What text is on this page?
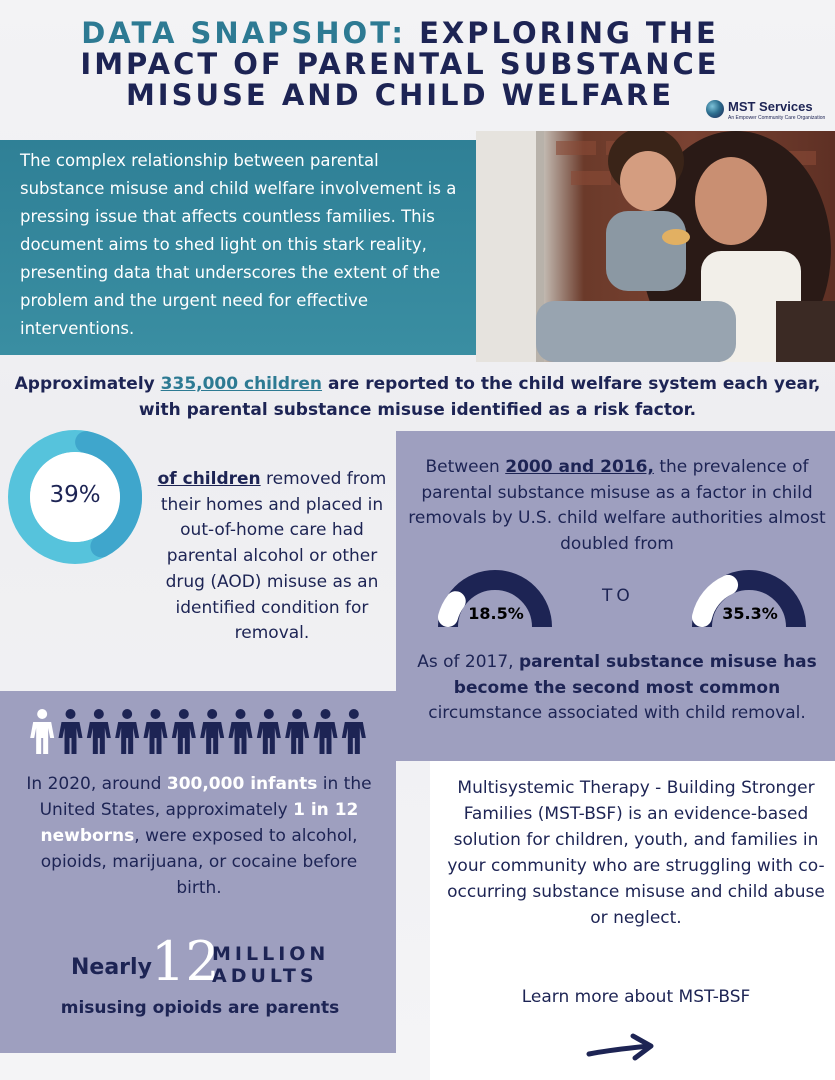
DATA SNAPSHOT: EXPLORING THE
IMPACT OF PARENTAL SUBSTANCE
MISUSE AND CHILD WELFARE	MST Services
An Empower Community Care Organization
The complex relationship between parental substance misuse and child welfare involvement is a pressing issue that affects countless families. This document aims to shed light on this stark reality, presenting data that underscores the extent of the problem and the urgent need for effective interventions.
Approximately 335,000 children are reported to the child welfare system each year, with parental substance misuse identified as a risk factor.
39%
of children removed from their homes and placed in out-of-home care had parental alcohol or other drug (AOD) misuse as an identified condition for removal.
Between 2000 and 2016, the prevalence of parental substance misuse as a factor in child removals by U.S. child welfare authorities almost doubled from
18.5%
TO
35.3%
As of 2017, parental substance misuse has become the second most common circumstance associated with child removal.
In 2020, around 300,000 infants in the United States, approximately 1 in 12 newborns, were exposed to alcohol, opioids, marijuana, or cocaine before birth.
Nearly 12
MILLION
ADULTS
misusing opioids are parents
Multisystemic Therapy - Building Stronger Families (MST-BSF) is an evidence-based solution for children, youth, and families in your community who are struggling with co-occurring substance misuse and child abuse or neglect.
Learn more about MST-BSF
